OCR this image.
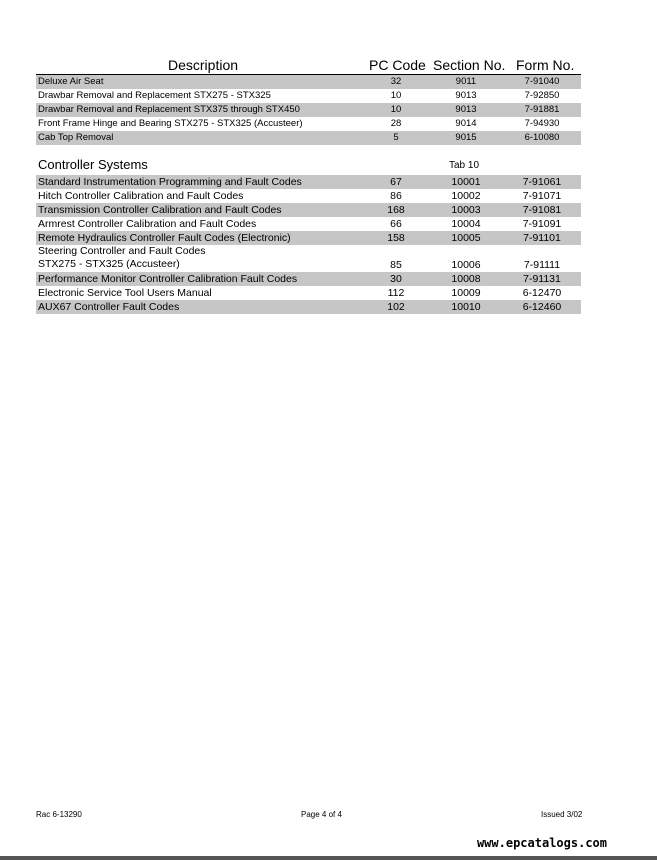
Description	PC Code Section No. Form No.
Deluxe Air Seat	32	9011	7-91040
Drawbar Removal and Replacement STX275 - STX325	10	9013	7-92850
Drawbar Removal and Replacement STX375 through STX450	10	9013	7-91881
Front Frame Hinge and Bearing STX275 - STX325 (Accusteer)	28	9014	7-94930
Cab Top Removal	5	9015	6-10080
Controller Systems	Tab 10
Standard Instrumentation Programming and Fault Codes	67	10001	7-91061
Hitch Controller Calibration and Fault Codes	86	10002	7-91071
Transmission Controller Calibration and Fault Codes	168	10003	7-91081
Armrest Controller Calibration and Fault Codes	66	10004	7-91091
Remote Hydraulics Controller Fault Codes (Electronic)	158	10005	7-91101
Steering Controller and Fault Codes
STX275 - STX325 (Accusteer)	85	10006	7-91111
Performance Monitor Controller Calibration Fault Codes	30	10008	7-91131
Electronic Service Tool Users Manual	112	10009	6-12470
AUX67 Controller Fault Codes	102	10010	6-12460
Rac 6-13290	Page 4 of 4	Issued 3/02
www.epcatalogs.com
